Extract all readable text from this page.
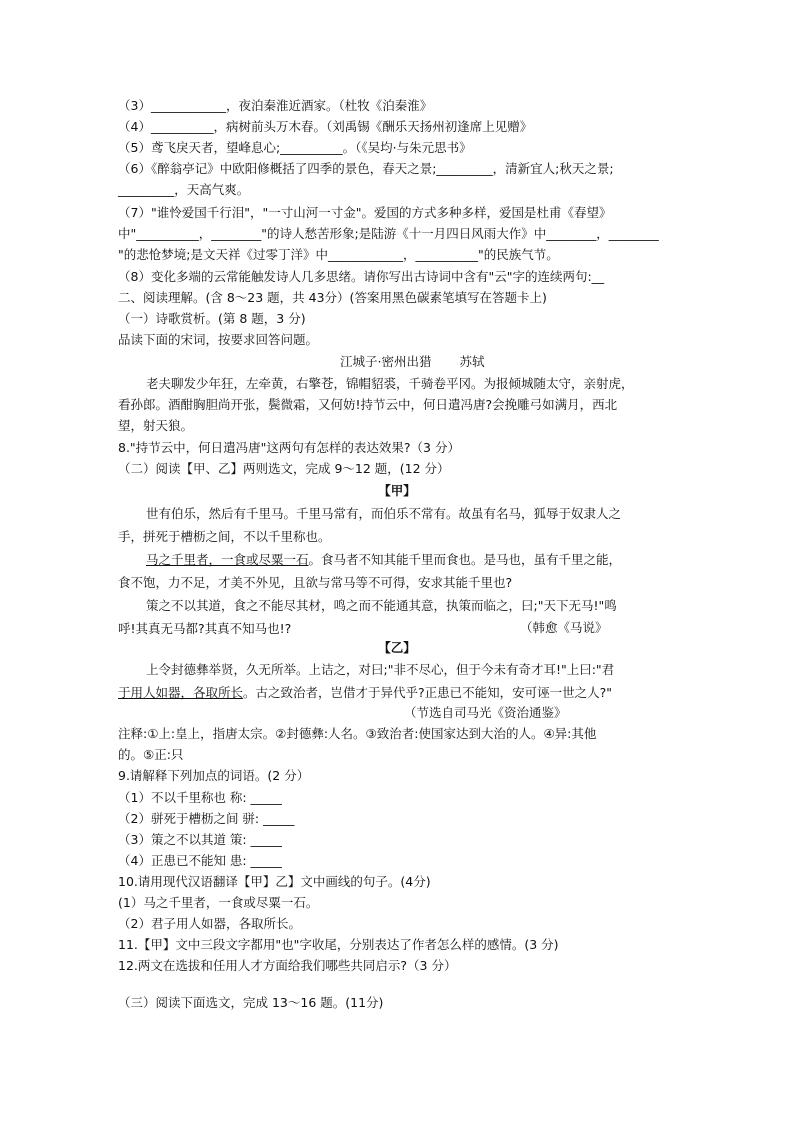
（3）____________，夜泊秦淮近酒家。（杜牧《泊秦淮》
（4）__________，病树前头万木春。（刘禹锡《酬乐天扬州初逢席上见赠》
（5）鸢飞戾天者，望峰息心;__________。（《吴均·与朱元思书》
（6）《醉翁亭记》中欧阳修概括了四季的景色，春天之景;_________，清新宜人;秋天之景;
_________，天高气爽。
（7）"谁怜爱国千行泪"，"一寸山河一寸金"。爱国的方式多种多样，爱国是杜甫《春望》
中"__________，________"的诗人愁苦形象;是陆游《十一月四日风雨大作》中________，________
"的悲怆梦境;是文天祥《过零丁洋》中____________，__________"的民族气节。
（8）变化多端的云常能触发诗人几多思绪。请你写出古诗词中含有"云"字的连续两句:__
二、阅读理解。(含 8～23 题，共 43分）(答案用黑色碳素笔填写在答题卡上)
（一）诗歌赏析。(第 8 题，3 分)
品读下面的宋词，按要求回答问题。
江城子·密州出猎 苏轼
老夫聊发少年狂，左牵黄，右擎苍，锦帽貂裘，千骑卷平冈。为报倾城随太守，亲射虎，
看孙郎。酒酣胸胆尚开张，鬓微霜，又何妨!持节云中，何日遣冯唐?会挽雕弓如满月，西北
望，射天狼。
8."持节云中，何日遣冯唐"这两句有怎样的表达效果?（3 分）
（二）阅读【甲、乙】两则选文，完成 9～12 题，(12 分）
【甲】
世有伯乐，然后有千里马。千里马常有，而伯乐不常有。故虽有名马，狐辱于奴隶人之
手，拼死于槽枥之间，不以千里称也。
马之千里者，一食或尽粟一石。食马者不知其能千里而食也。是马也，虽有千里之能，
食不饱，力不足，才美不外见，且欲与常马等不可得，安求其能千里也?
策之不以其道，食之不能尽其材，鸣之而不能通其意，执策而临之，曰;"天下无马!"鸣
呼!其真无马都?其真不知马也!?	（韩愈《马说》
【乙】
上令封德彝举贤，久无所举。上诘之，对曰;"非不尽心，但于今未有奇才耳!"上曰:"君
于用人如器，各取所长。古之致治者，岂借才于异代乎?正患已不能知，安可诬一世之人?"
（节选自司马光《资治通鉴》
注释:①上:皇上，指唐太宗。②封德彝:人名。③致治者:使国家达到大治的人。④异:其他
的。⑤正:只
9.请解释下列加点的词语。(2 分）
（1）不以千里称也 称: _____
（2）骈死于槽枥之间 骈: _____
（3）策之不以其道 策: _____
（4）正患已不能知 患: _____
10.请用现代汉语翻译【甲】乙】文中画线的句子。(4分)
(1）马之千里者，一食或尽粟一石。
（2）君子用人如器，各取所长。
11.【甲】文中三段文字都用"也"字收尾，分别表达了作者怎么样的感情。(3 分)
12.两文在选拔和任用人才方面给我们哪些共同启示?（3 分）
（三）阅读下面选文，完成 13～16 题。(11分)
